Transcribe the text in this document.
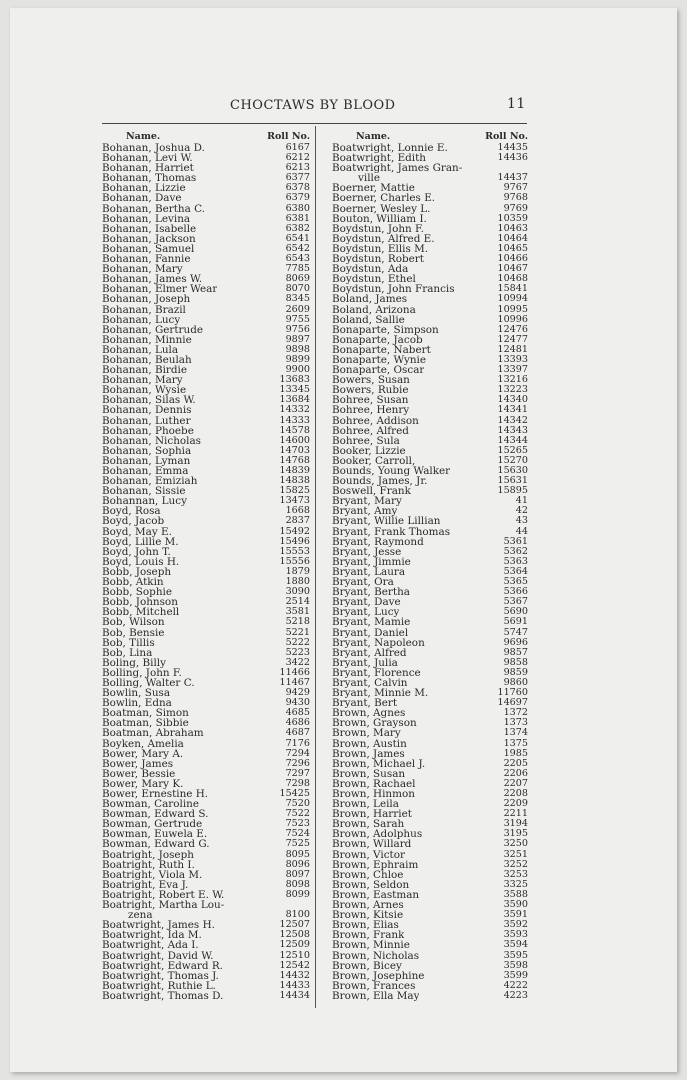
CHOCTAWS BY BLOOD	11
Name.	Roll No.
Bohanan, Joshua D.	6167
Bohanan, Levi W.	6212
Bohanan, Harriet	6213
Bohanan, Thomas	6377
Bohanan, Lizzie	6378
Bohanan, Dave	6379
Bohanan, Bertha C.	6380
Bohanan, Levina	6381
Bohanan, Isabelle	6382
Bohanan, Jackson	6541
Bohanan, Samuel	6542
Bohanan, Fannie	6543
Bohanan, Mary	7785
Bohanan, James W.	8069
Bohanan, Elmer Wear	8070
Bohanan, Joseph	8345
Bohanan, Brazil	2609
Bohanan, Lucy	9755
Bohanan, Gertrude	9756
Bohanan, Minnie	9897
Bohanan, Lula	9898
Bohanan, Beulah	9899
Bohanan, Birdie	9900
Bohanan, Mary	13683
Bohanan, Wysie	13345
Bohanan, Silas W.	13684
Bohanan, Dennis	14332
Bohanan, Luther	14333
Bohanan, Phoebe	14578
Bohanan, Nicholas	14600
Bohanan, Sophia	14703
Bohanan, Lyman	14768
Bohanan, Emma	14839
Bohanan, Emiziah	14838
Bohanan, Sissie	15825
Bohannan, Lucy	13473
Boyd, Rosa	1668
Boyd, Jacob	2837
Boyd, May E.	15492
Boyd, Lillie M.	15496
Boyd, John T.	15553
Boyd, Louis H.	15556
Bobb, Joseph	1879
Bobb, Atkin	1880
Bobb, Sophie	3090
Bobb, Johnson	2514
Bobb, Mitchell	3581
Bob, Wilson	5218
Bob, Bensie	5221
Bob, Tillis	5222
Bob, Lina	5223
Boling, Billy	3422
Bolling, John F.	11466
Bolling, Walter C.	11467
Bowlin, Susa	9429
Bowlin, Edna	9430
Boatman, Simon	4685
Boatman, Sibbie	4686
Boatman, Abraham	4687
Boyken, Amelia	7176
Bower, Mary A.	7294
Bower, James	7296
Bower, Bessie	7297
Bower, Mary K.	7298
Bower, Ernestine H.	15425
Bowman, Caroline	7520
Bowman, Edward S.	7522
Bowman, Gertrude	7523
Bowman, Euwela E.	7524
Bowman, Edward G.	7525
Boatright, Joseph	8095
Boatright, Ruth I.	8096
Boatright, Viola M.	8097
Boatright, Eva J.	8098
Boatright, Robert E. W.	8099
Boatright, Martha Lou-
zena	8100
Boatwright, James H.	12507
Boatwright, Ida M.	12508
Boatwright, Ada I.	12509
Boatwright, David W.	12510
Boatwright, Edward R.	12542
Boatwright, Thomas J.	14432
Boatwright, Ruthie L.	14433
Boatwright, Thomas D.	14434
Name.	Roll No.
Boatwright, Lonnie E.	14435
Boatwright, Edith	14436
Boatwright, James Gran-
ville	14437
Boerner, Mattie	9767
Boerner, Charles E.	9768
Boerner, Wesley L.	9769
Bouton, William I.	10359
Boydstun, John F.	10463
Boydstun, Alfred E.	10464
Boydstun, Ellis M.	10465
Boydstun, Robert	10466
Boydstun, Ada	10467
Boydstun, Ethel	10468
Boydstun, John Francis	15841
Boland, James	10994
Boland, Arizona	10995
Boland, Sallie	10996
Bonaparte, Simpson	12476
Bonaparte, Jacob	12477
Bonaparte, Nabert	12481
Bonaparte, Wynie	13393
Bonaparte, Oscar	13397
Bowers, Susan	13216
Bowers, Rubie	13223
Bohree, Susan	14340
Bohree, Henry	14341
Bohree, Addison	14342
Bohree, Alfred	14343
Bohree, Sula	14344
Booker, Lizzie	15265
Booker, Carroll,	15270
Bounds, Young Walker	15630
Bounds, James, Jr.	15631
Boswell, Frank	15895
Bryant, Mary	41
Bryant, Amy	42
Bryant, Willie Lillian	43
Bryant, Frank Thomas	44
Bryant, Raymond	5361
Bryant, Jesse	5362
Bryant, Jimmie	5363
Bryant, Laura	5364
Bryant, Ora	5365
Bryant, Bertha	5366
Bryant, Dave	5367
Bryant, Lucy	5690
Bryant, Mamie	5691
Bryant, Daniel	5747
Bryant, Napoleon	9696
Bryant, Alfred	9857
Bryant, Julia	9858
Bryant, Florence	9859
Bryant, Calvin	9860
Bryant, Minnie M.	11760
Bryant, Bert	14697
Brown, Agnes	1372
Brown, Grayson	1373
Brown, Mary	1374
Brown, Austin	1375
Brown, James	1985
Brown, Michael J.	2205
Brown, Susan	2206
Brown, Rachael	2207
Brown, Hinmon	2208
Brown, Leila	2209
Brown, Harriet	2211
Brown, Sarah	3194
Brown, Adolphus	3195
Brown, Willard	3250
Brown, Victor	3251
Brown, Ephraim	3252
Brown, Chloe	3253
Brown, Seldon	3325
Brown, Eastman	3588
Brown, Arnes	3590
Brown, Kitsie	3591
Brown, Elias	3592
Brown, Frank	3593
Brown, Minnie	3594
Brown, Nicholas	3595
Brown, Bicey	3598
Brown, Josephine	3599
Brown, Frances	4222
Brown, Ella May	4223
